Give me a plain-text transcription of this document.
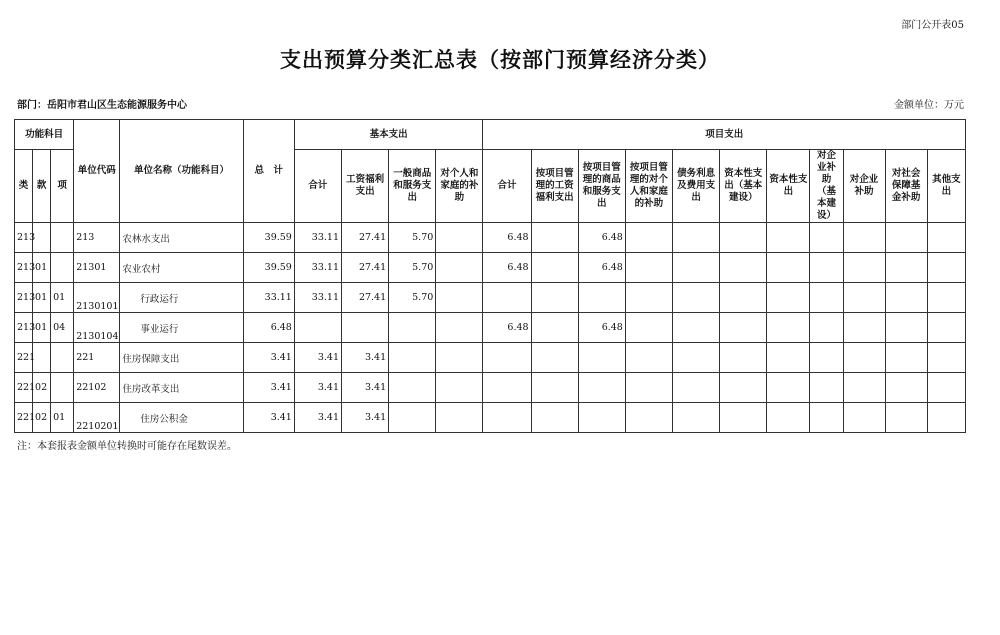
部门公开表05
支出预算分类汇总表（按部门预算经济分类）
部门：岳阳市君山区生态能源服务中心	金额单位：万元
功能科目			单位代码	单位名称（功能科目）	总　计	基本支出				项目支出										
类	款	项				合计	工资福利支出	一般商品和服务支出	对个人和家庭的补助	合计	按项目管理的工资福利支出	按项目管理的商品和服务支出	按项目管理的对个人和家庭的补助	债务利息及费用支出	资本性支出（基本建设）	资本性支出	对企业补助（基本建设）	对企业补助	对社会保障基金补助	其他支出
213			213	农林水支出	39.59	33.11	27.41	5.70		6.48		6.48								
213	01		21301	农业农村	39.59	33.11	27.41	5.70		6.48		6.48								
213	01	01	2130101	行政运行	33.11	33.11	27.41	5.70												
213	01	04	2130104	事业运行	6.48					6.48		6.48								
221			221	住房保障支出	3.41	3.41	3.41													
221	02		22102	住房改革支出	3.41	3.41	3.41													
221	02	01	2210201	住房公积金	3.41	3.41	3.41													
注：本套报表金额单位转换时可能存在尾数误差。
